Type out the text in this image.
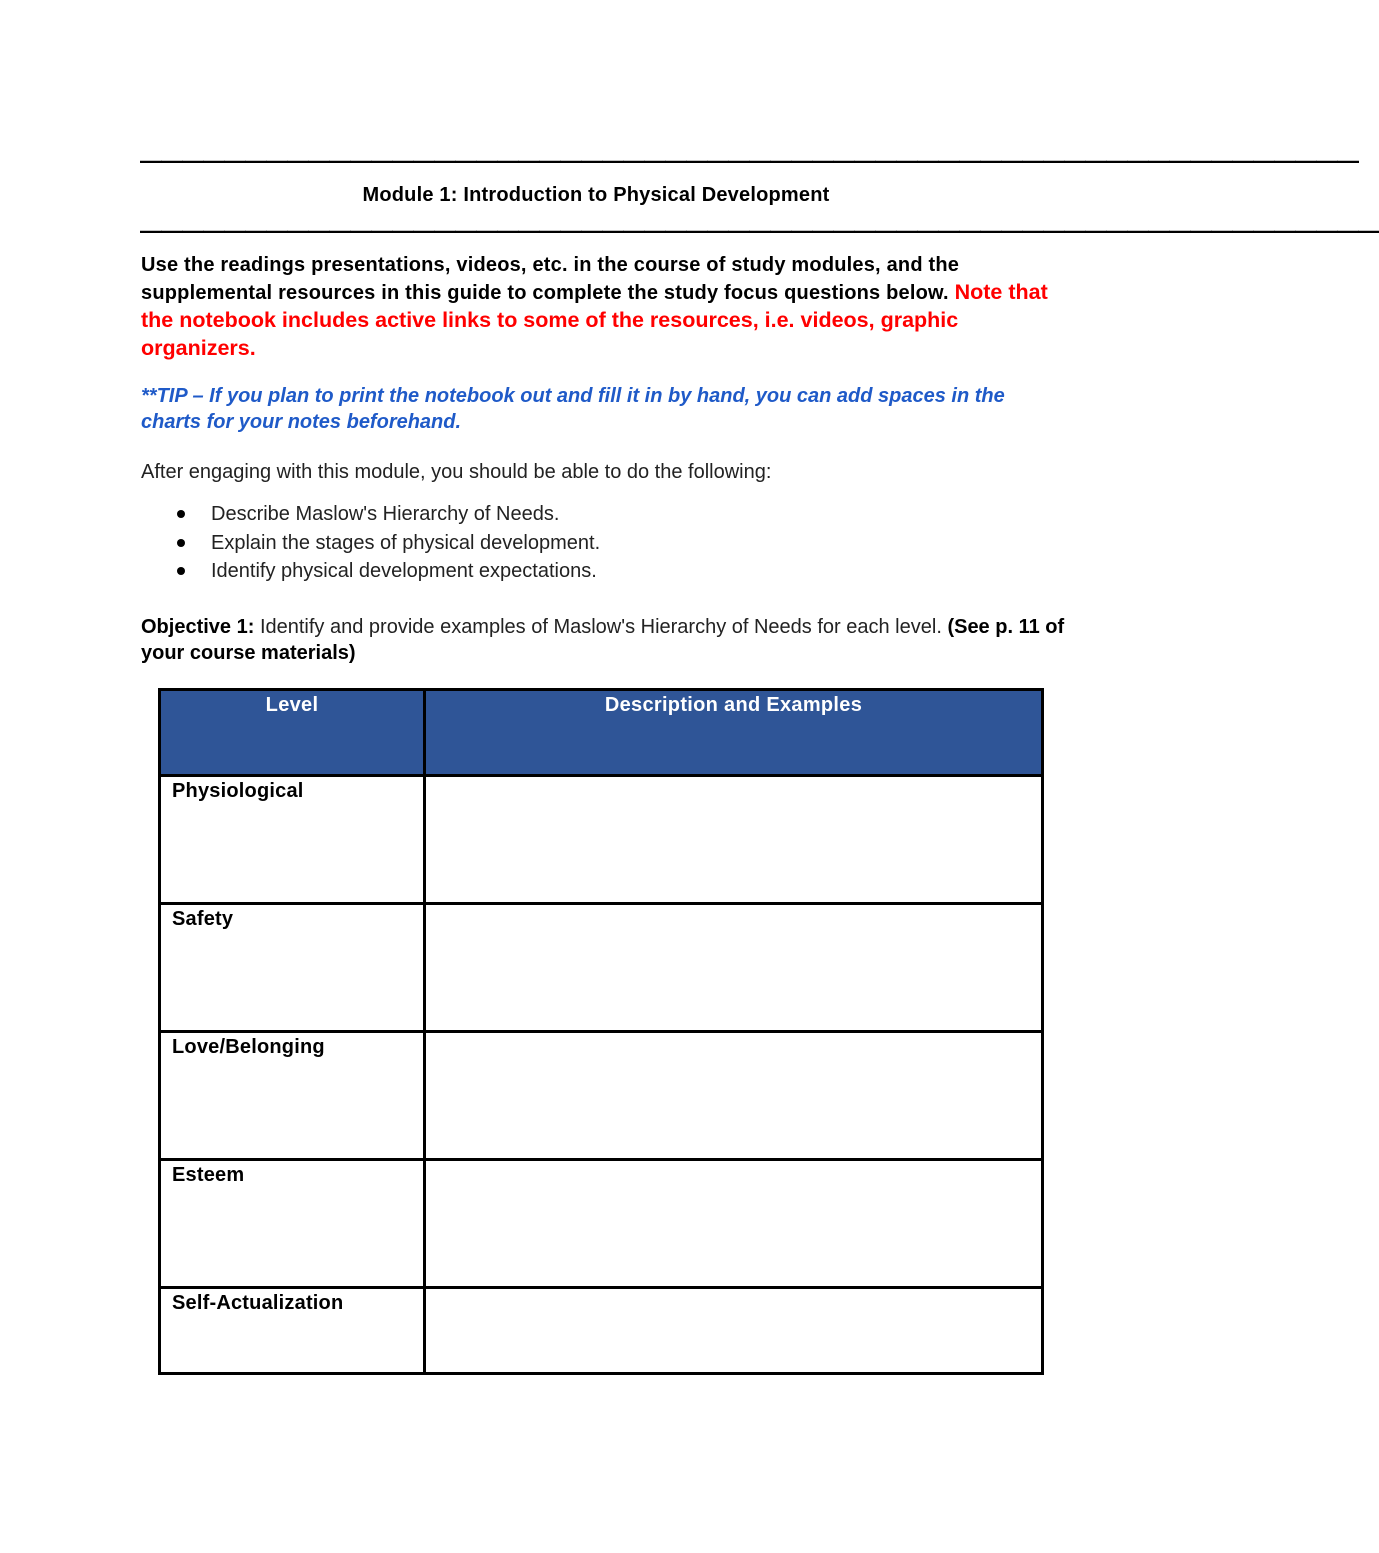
——————————————————————————————————————————————————————————
Module 1: Introduction to Physical Development
———————————————————————————————————————————————————————————
Use the readings presentations, videos, etc. in the course of study modules, and the supplemental resources in this guide to complete the study focus questions below. Note that the notebook includes active links to some of the resources, i.e. videos, graphic organizers.
**TIP – If you plan to print the notebook out and fill it in by hand, you can add spaces in the charts for your notes beforehand.
After engaging with this module, you should be able to do the following:
Describe Maslow's Hierarchy of Needs.
Explain the stages of physical development.
Identify physical development expectations.
Objective 1: Identify and provide examples of Maslow's Hierarchy of Needs for each level. (See p. 11 of your course materials)
Level	Description and Examples
Physiological	
Safety	
Love/Belonging	
Esteem	
Self-Actualization	
